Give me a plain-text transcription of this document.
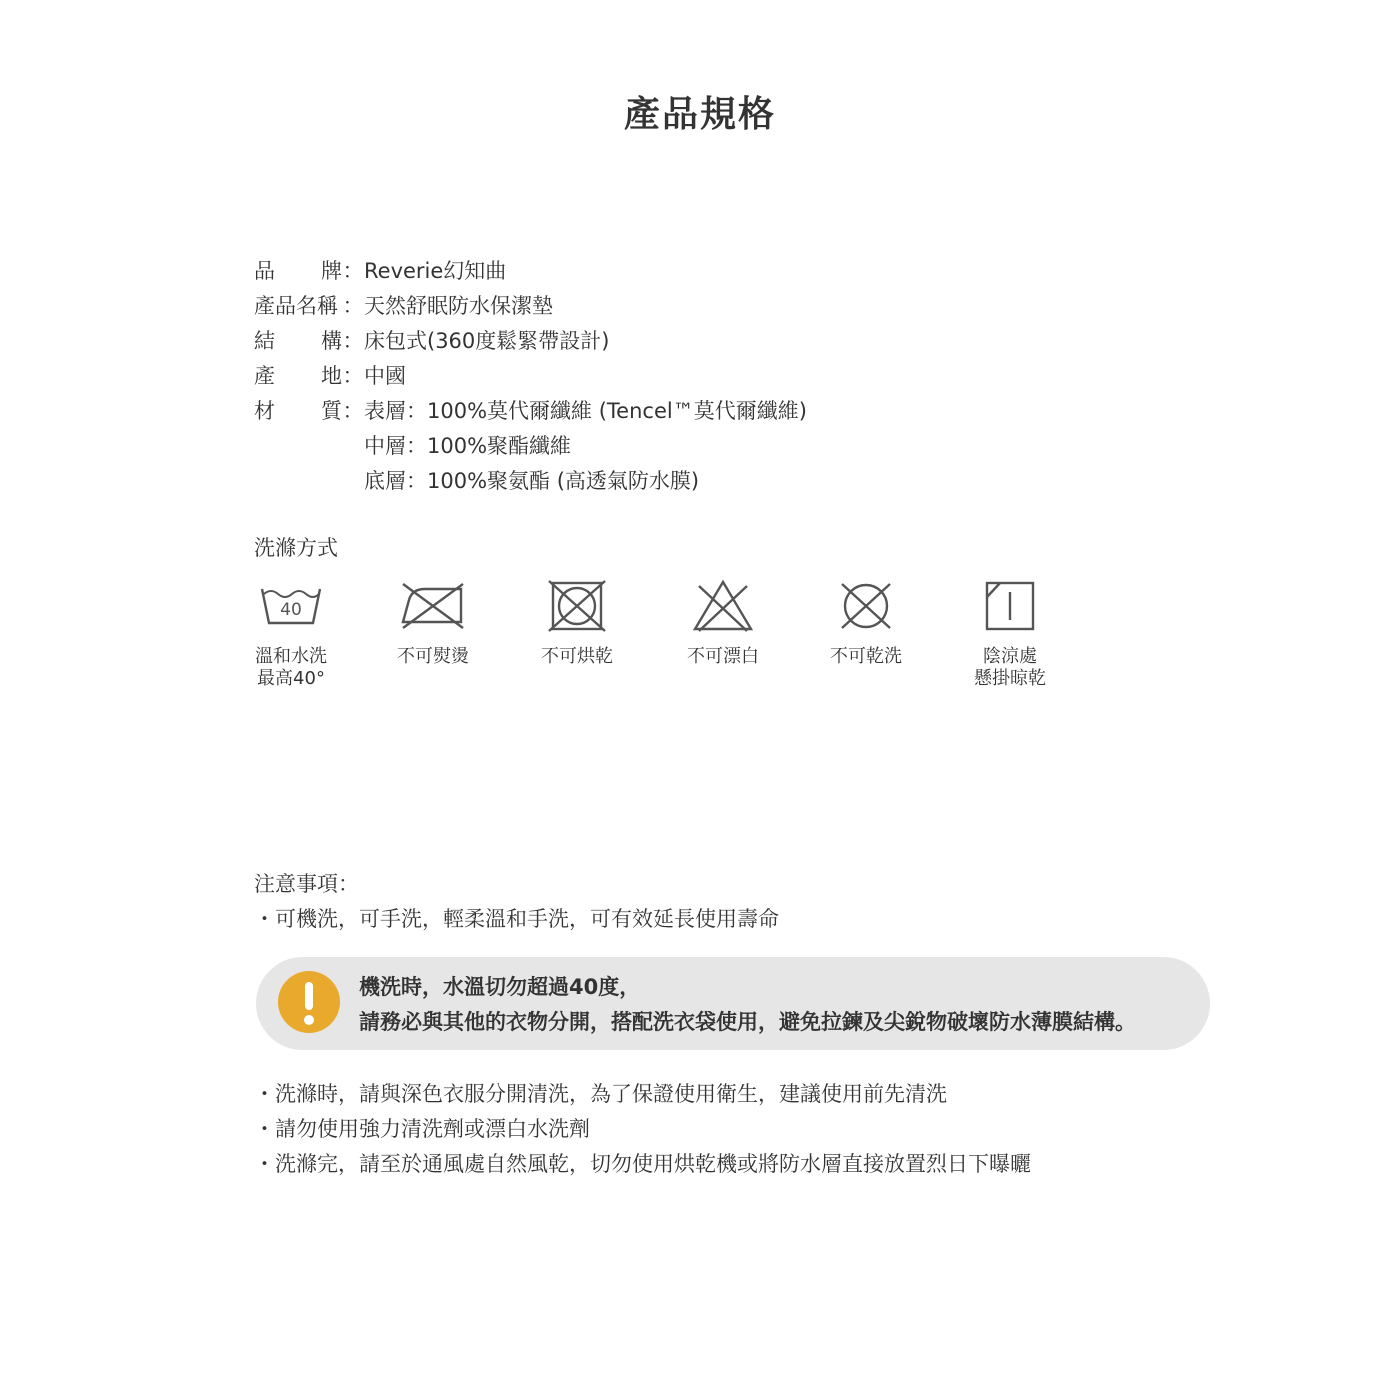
產品規格
品 牌 ： Reverie幻知曲
產品名稱 ： 天然舒眠防水保潔墊
結 構 ： 床包式(360度鬆緊帶設計)
產 地 ： 中國
材 質 ： 表層：100%莫代爾纖維 (Tencel™莫代爾纖維)
中層：100%聚酯纖維
底層：100%聚氨酯 (高透氣防水膜)
洗滌方式
40
溫和水洗
最高40°
不可熨燙	不可烘乾	不可漂白	不可乾洗	陰涼處
懸掛晾乾
注意事項：
・可機洗，可手洗，輕柔溫和手洗，可有效延長使用壽命
機洗時，水溫切勿超過40度，
請務必與其他的衣物分開，搭配洗衣袋使用，避免拉鍊及尖銳物破壞防水薄膜結構。
・洗滌時，請與深色衣服分開清洗，為了保證使用衛生，建議使用前先清洗
・請勿使用強力清洗劑或漂白水洗劑
・洗滌完，請至於通風處自然風乾，切勿使用烘乾機或將防水層直接放置烈日下曝曬
